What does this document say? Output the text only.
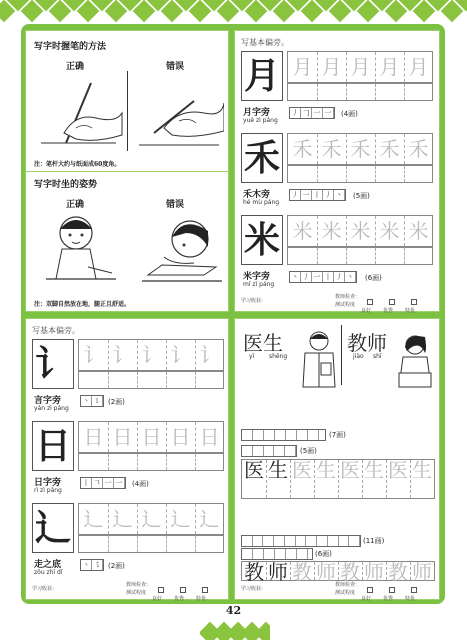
写字时握笔的方法
正确	错误
注：笔杆大约与纸面成60度角。
写字时坐的姿势
正确	错误
注：双脚自然放在地，腿正且舒适。
写基本偏旁。
月 月 月 月 月 月
月字旁
yuè zì páng
丿 𠃌 一 一	(4画)
禾 禾 禾 禾 禾 禾
禾木旁
hé mù páng
丿 一 丨 丿 丶	(5画)
米 米 米 米 米 米
米字旁
mǐ zì páng
丶 丿 一 丨 丿 丶	(6画)
学习收获：
教师检查：
测试程度
良好 优秀 特优
写基本偏旁。
讠 讠 讠 讠 讠 讠
言字旁
yán zì páng
丶 ㇊	(2画)
日 日 日 日 日 日
日字旁
rì zì páng
丨 𠃍 一 一	(4画)
辶 辶 辶 辶 辶 辶
走之底
zǒu zhī dǐ
丶 ㇌	(2画)
学习收获：
教师检查：
测试程度
良好 优秀 特优
医生
yī shēng
教师
jiào shī
(7画)
(5画)
医 生 医 生 医 生 医 生
(11画)
(6画)
教 师 教 师 教 师 教 师
学习收获：
教师检查：
测试程度
良好 优秀 特优
42
